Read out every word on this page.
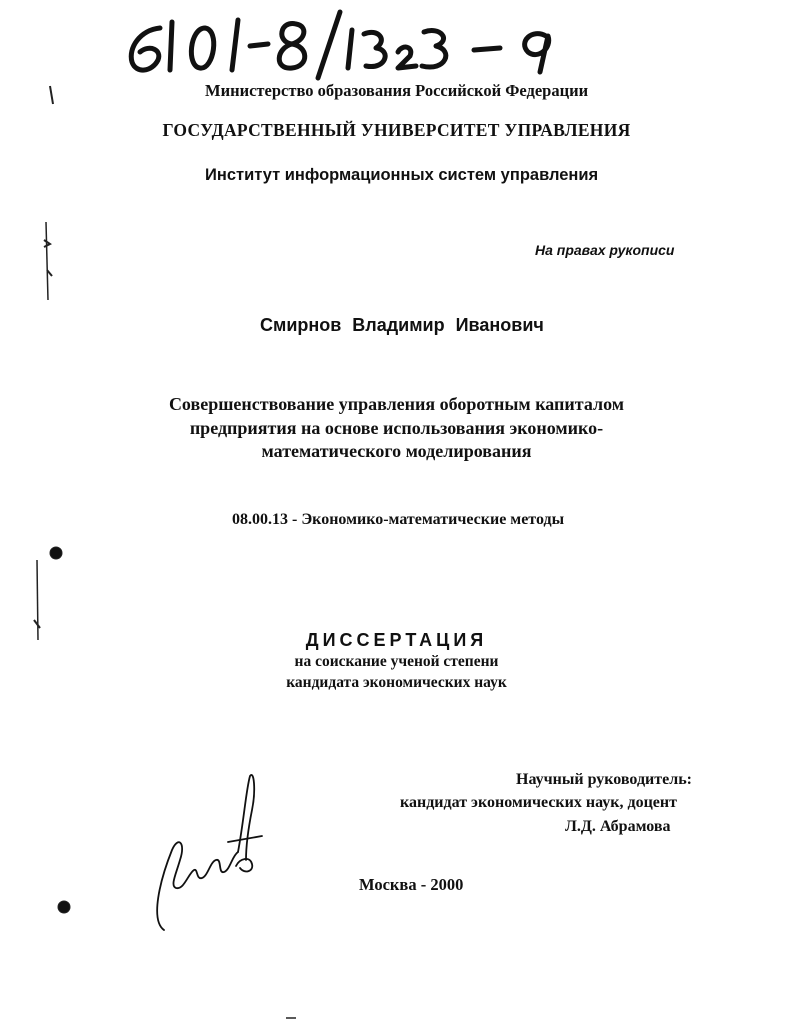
Министерство образования Российской Федерации
ГОСУДАРСТВЕННЫЙ УНИВЕРСИТЕТ УПРАВЛЕНИЯ
Институт информационных систем управления
На правах рукописи
Смирнов Владимир Иванович
Совершенствование управления оборотным капиталом
предприятия на основе использования экономико-
математического моделирования
08.00.13 - Экономико-математические методы
ДИССЕРТАЦИЯ
на соискание ученой степени
кандидата экономических наук
Научный руководитель:
кандидат экономических наук, доцент
Л.Д. Абрамова
Москва - 2000
